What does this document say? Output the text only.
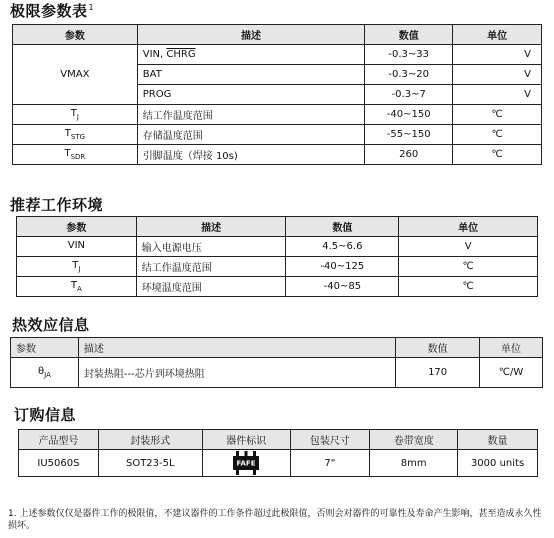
极限参数表$^1$
参数	描述	数值	单位
VMAX	VIN, CHRG	-0.3~33	V
	BAT	-0.3~20	V
	PROG	-0.3~7	V
$T_J$	结工作温度范围	-40~150	℃
$T_{STG}$	存储温度范围	-55~150	℃
$T_{SDR}$	引脚温度（焊接 10s)	260	℃
推荐工作环境
参数	描述	数值	单位
VIN	输入电源电压	4.5~6.6	V
$T_J$	结工作温度范围	-40~125	℃
$T_A$	环境温度范围	-40~85	℃
热效应信息
参数	描述	数值	单位
$\theta_{JA}$	封装热阻---芯片到环境热阻	170	℃/W
订购信息
产品型号	封装形式	器件标识	包装尺寸	卷带宽度	数量
IU5060S	SOT23-5L	FAFE	7"	8mm	3000 units

1. 上述参数仅仅是器件工作的极限值，不建议器件的工作条件超过此极限值，否则会对器件的可靠性及寿命产生影响，甚至造成永久性损坏。
